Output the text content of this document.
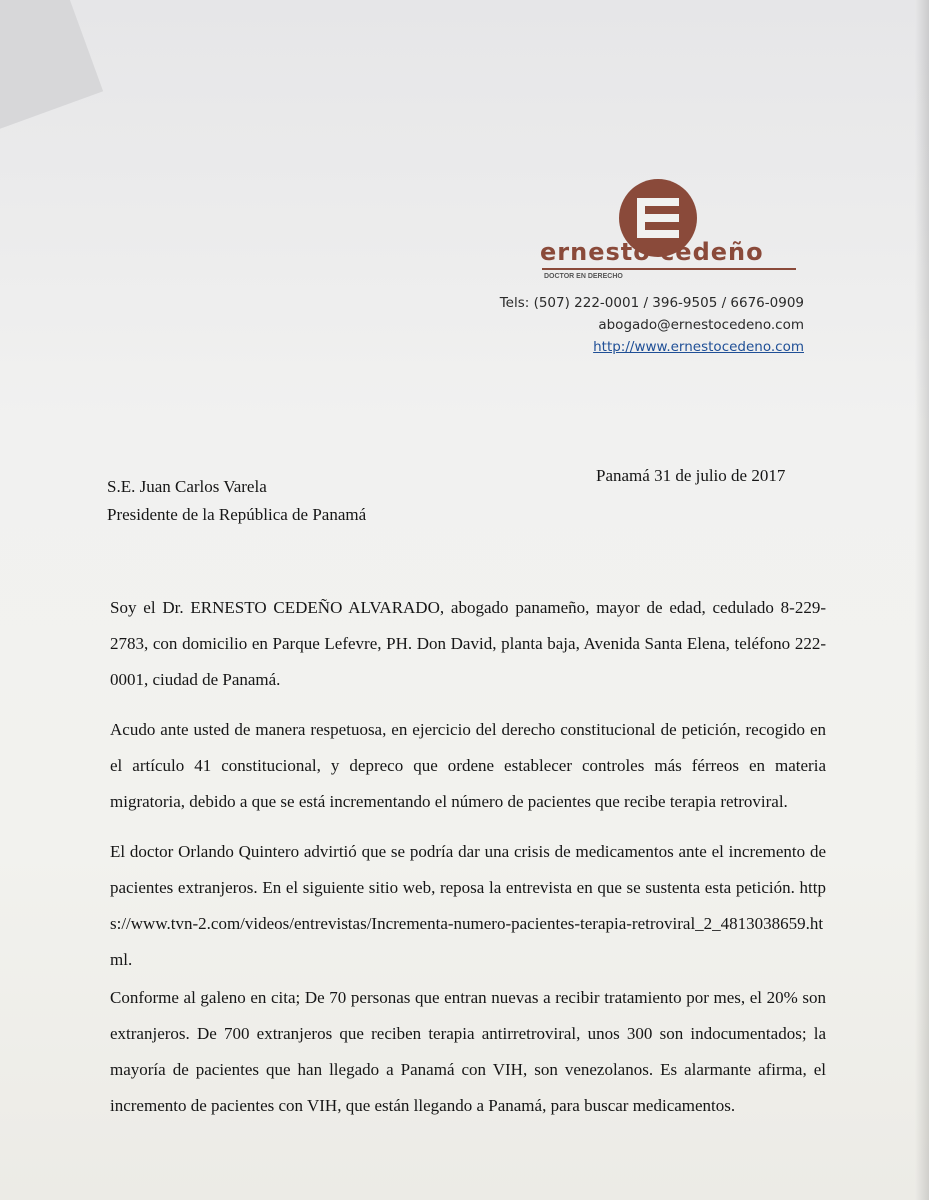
ernesto cedeño
DOCTOR EN DERECHO
Tels: (507) 222-0001 / 396-9505 / 6676-0909
abogado@ernestocedeno.com
http://www.ernestocedeno.com
Panamá 31 de julio de 2017
S.E. Juan Carlos Varela
Presidente de la República de Panamá

Soy el Dr. ERNESTO CEDEÑO ALVARADO, abogado panameño, mayor de edad, cedulado 8-229-2783, con domicilio en Parque Lefevre, PH. Don David, planta baja, Avenida Santa Elena, teléfono 222-0001, ciudad de Panamá.

Acudo ante usted de manera respetuosa, en ejercicio del derecho constitucional de petición, recogido en el artículo 41 constitucional, y depreco que ordene establecer controles más férreos en materia migratoria, debido a que se está incrementando el número de pacientes que recibe terapia retroviral.

El doctor Orlando Quintero advirtió que se podría dar una crisis de medicamentos ante el incremento de pacientes extranjeros. En el siguiente sitio web, reposa la entrevista en que se sustenta esta petición. https://www.tvn-2.com/videos/entrevistas/Incrementa-numero-pacientes-terapia-retroviral_2_4813038659.html.

Conforme al galeno en cita; De 70 personas que entran nuevas a recibir tratamiento por mes, el 20% son extranjeros. De 700 extranjeros que reciben terapia antirretroviral, unos 300 son indocumentados; la mayoría de pacientes que han llegado a Panamá con VIH, son venezolanos. Es alarmante afirma, el incremento de pacientes con VIH, que están llegando a Panamá, para buscar medicamentos.
